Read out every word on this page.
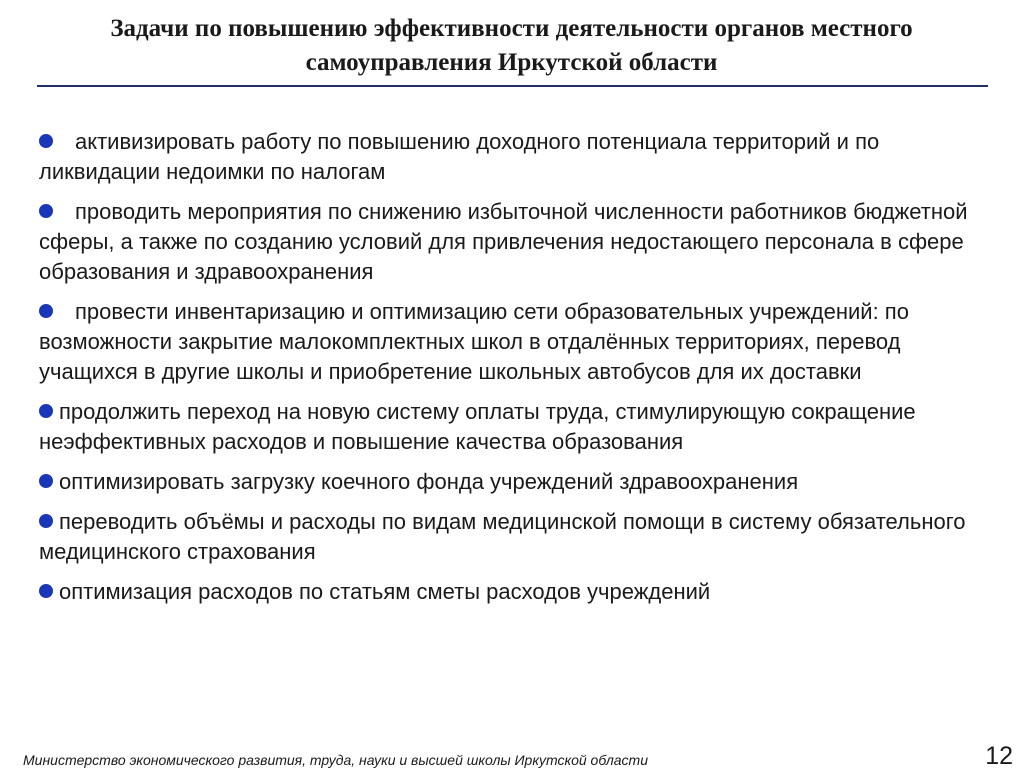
Задачи по повышению эффективности деятельности органов местного
самоуправления Иркутской области
активизировать работу по повышению доходного потенциала территорий и по ликвидации недоимки по налогам
проводить мероприятия по снижению избыточной численности работников бюджетной сферы, а также по созданию условий для привлечения недостающего персонала в сфере образования и здравоохранения
провести инвентаризацию и оптимизацию сети образовательных учреждений: по возможности закрытие малокомплектных школ в отдалённых территориях, перевод учащихся в другие школы и приобретение школьных автобусов для их доставки
продолжить переход на новую систему оплаты труда, стимулирующую сокращение неэффективных расходов и повышение качества образования
оптимизировать загрузку коечного фонда учреждений здравоохранения
переводить объёмы и расходы по видам медицинской помощи в систему обязательного медицинского страхования
оптимизация расходов по статьям сметы расходов учреждений
Министерство экономического развития, труда, науки и высшей школы Иркутской области	12
